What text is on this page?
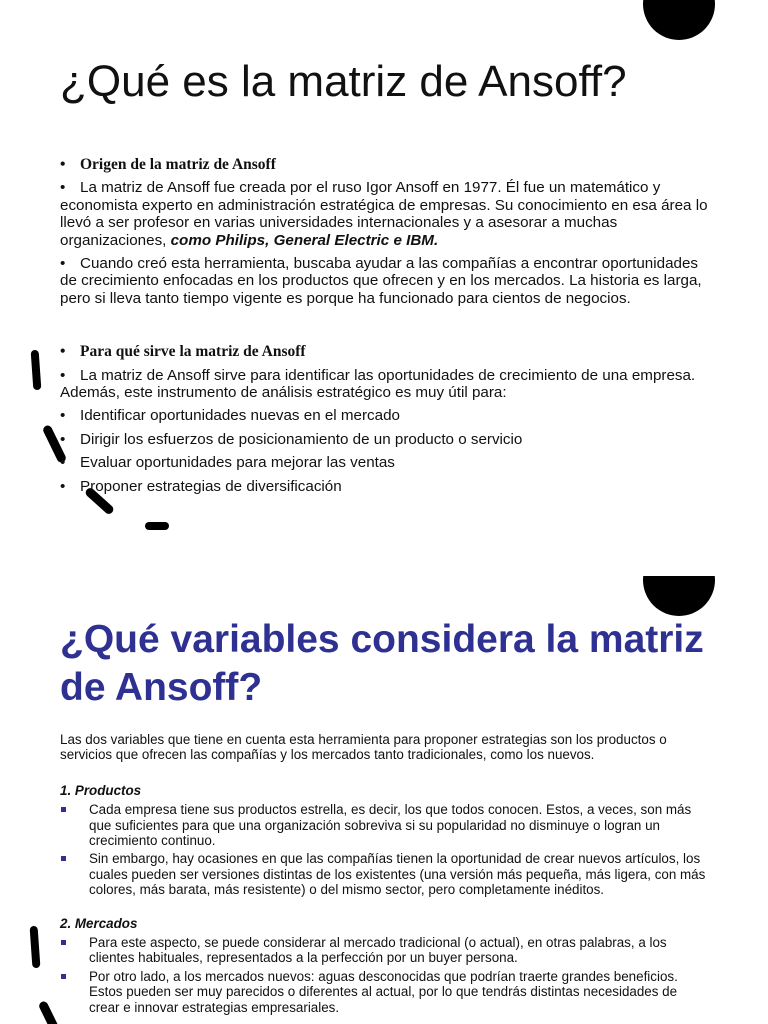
¿Qué es la matriz de Ansoff?

• Origen de la matriz de Ansoff

• La matriz de Ansoff fue creada por el ruso Igor Ansoff en 1977. Él fue un matemático y economista experto en administración estratégica de empresas. Su conocimiento en esa área lo llevó a ser profesor en varias universidades internacionales y a asesorar a muchas organizaciones, como Philips, General Electric e IBM.

• Cuando creó esta herramienta, buscaba ayudar a las compañías a encontrar oportunidades de crecimiento enfocadas en los productos que ofrecen y en los mercados. La historia es larga, pero si lleva tanto tiempo vigente es porque ha funcionado para cientos de negocios.

• Para qué sirve la matriz de Ansoff

• La matriz de Ansoff sirve para identificar las oportunidades de crecimiento de una empresa. Además, este instrumento de análisis estratégico es muy útil para:

• Identificar oportunidades nuevas en el mercado

• Dirigir los esfuerzos de posicionamiento de un producto o servicio

• Evaluar oportunidades para mejorar las ventas

• Proponer estrategias de diversificación

¿Qué variables considera la matriz de Ansoff?

Las dos variables que tiene en cuenta esta herramienta para proponer estrategias son los productos o servicios que ofrecen las compañías y los mercados tanto tradicionales, como los nuevos.

1. Productos

Cada empresa tiene sus productos estrella, es decir, los que todos conocen. Estos, a veces, son más que suficientes para que una organización sobreviva si su popularidad no disminuye o logran un crecimiento continuo.
Sin embargo, hay ocasiones en que las compañías tienen la oportunidad de crear nuevos artículos, los cuales pueden ser versiones distintas de los existentes (una versión más pequeña, más ligera, con más colores, más barata, más resistente) o del mismo sector, pero completamente inéditos.

2. Mercados

Para este aspecto, se puede considerar al mercado tradicional (o actual), en otras palabras, a los clientes habituales, representados a la perfección por un buyer persona.
Por otro lado, a los mercados nuevos: aguas desconocidas que podrían traerte grandes beneficios. Estos pueden ser muy parecidos o diferentes al actual, por lo que tendrás distintas necesidades de crear e innovar estrategias empresariales.
